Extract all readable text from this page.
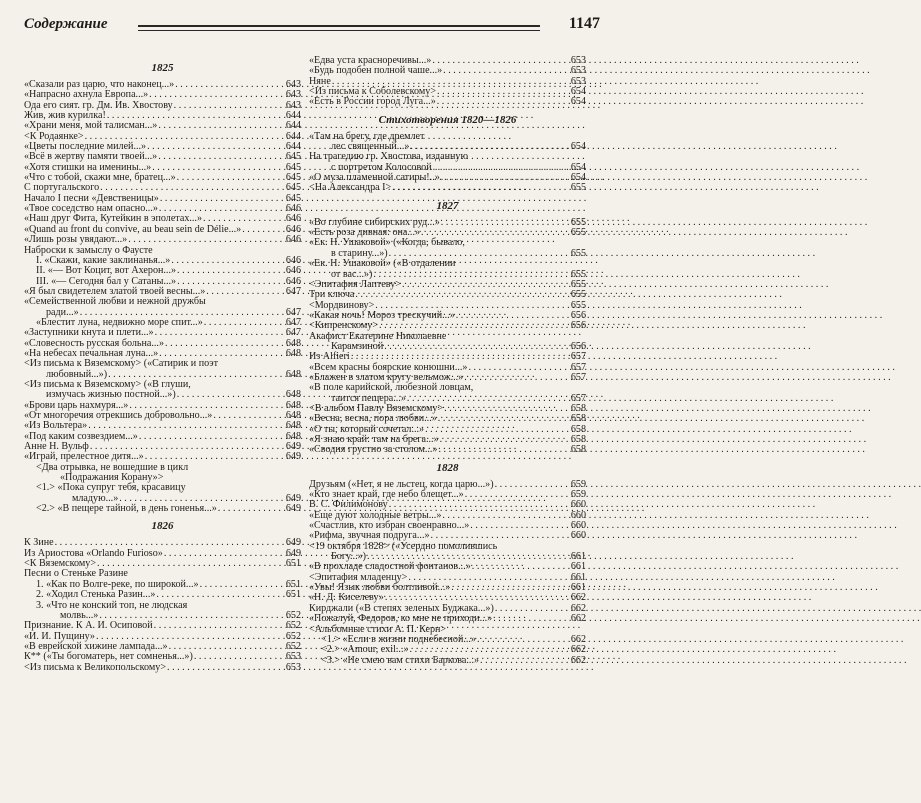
Содержание	1147
1825
«Сказали раз царю, что наконец...» . . .	643
«Напрасно ахнула Европа...» . . .	643
Ода его сият. гр. Дм. Ив. Хвостову . . .	643
Жив, жив курилка! . . .	644
«Храни меня, мой талисман...» . . .	644
<К Родаянке> . . .	644
«Цветы последние милей...» . . .	644
«Всё в жертву памяти твоей...» . . .	645
«Хотя стишки на именины...» . . .	645
«Что с тобой, скажи мне, братец...» . . .	645
С португальского . . .	645
Начало I песни «Девственицы» . . .	645
«Твое соседство нам опасно...» . . .	646
«Наш друг Фита, Кутейкин в эполетах...» . . .	646
«Quand au front du convive, au beau sein de Délie...» . . .	646
«Лишь розы увядают...» . . .	646
Наброски к замыслу о Фаусте
I. «Скажи, какие заклинанья...» . . .	646
II. «— Вот Коцит, вот Ахерон...» . . .	646
III. «— Сегодня бал у Сатаны...» . . .	646
«Я был свидетелем златой твоей весны...» . . .	647
«Семейственной любви и нежной дружбы
ради...» . . .	647
«Блестит луна, недвижно море спит...» . . .	647
«Заступники кнута и плети...» . . .	647
«Словесность русская больна...» . . .	648
«На небесах печальная луна...» . . .	648
<Из письма к Вяземскому> («Сатирик и поэт
любовный...») . . .	648
<Из письма к Вяземскому> («В глуши,
измучась жизнью постной...») . . .	648
«Брови царь нахмуря...» . . .	648
«От многоречия отрекшись добровольно...» . . .	648
«Из Вольтера» . . .	648
«Под каким созвездием...» . . .	648
Анне Н. Вульф . . .	649
«Играй, прелестное дитя...» . . .	649
<Два отрывка, не вошедшие в цикл
«Подражания Корану»>
<1.> «Пока супруг тебя, красавицу
младую...» . . .	649
<2.> «В пещере тайной, в день гоненья...» . . .	649
1826
К Зине . . .	649
Из Ариостова «Orlando Furioso» . . .	649
<К Вяземскому> . . .	651
Песни о Стеньке Разине
1. «Как по Волге-реке, по широкой...» . . .	651
2. «Ходил Стенька Разин...» . . .	651
3. «Что не конский топ, не людская
молвь...» . . .	652
Признание. К А. И. Осиповой . . .	652
«И. И. Пущину» . . .	652
«В еврейской хижине лампада...» . . .	652
К** («Ты богоматерь, нет сомненья...») . . .	653
<Из письма к Великопольскому> . . .	653
«Едва уста красноречивы...» . . .	653
«Будь подобен полной чаше...» . . .	653
Няне . . .	653
<Из письма к Соболевскому> . . .	654
«Есть в России город Луга...» . . .	654
Стихотворения 1820—1826
«Там на брегу, где дремлет
лес священный...» . . .	654
На трагедию гр. Хвостова, изданную
с портретом Колосовой . . .	654
«О муза пламенной сатиры!..» . . .	654
<На Александра I> . . .	655
1827
«Во глубине сибирских руд...» . . .	655
«Есть роза дивная: она...» . . .	655
«Ек. Н. Ушаковой» («Когда, бывало,
в старину...») . . .	655
«Ек. Н. Ушаковой» («В отдалении
от вас...») . . .	655
<Эпитафия Лаптеву> . . .	655
Три ключа . . .	655
<Мордвинову> . . .	655
«Какая ночь! Мороз трескучий...» . . .	656
<Кипренскому> . . .	656
Акафист Екатерине Николаевне
Карамзиной . . .	656
Из Alfieri . . .	657
«Всем красны боярские конюшни...» . . .	657
«Блажен в златом кругу вельмож...» . . .	657
«В поле карийской, любезной ловцам,
таится пещера...» . . .	657
<В альбом Павлу Вяземскому> . . .	658
«Весна, весна, пора любви...» . . .	658
«О ты, который сочетал...» . . .	658
«Я знаю край: там на брега...» . . .	658
«Сводня грустно за столом...» . . .	658
1828
Друзьям («Нет, я не льстец, когда царю...») . . .	659
«Кто знает край, где небо блещет...» . . .	659
В. С. Филимонову . . .	660
«Еще дуют холодные ветры...» . . .	660
«Счастлив, кто избран своенравно...» . . .	660
«Рифма, звучная подруга...» . . .	660
<19 октября 1828> («Усердно помолившись
Богу...») . . .	661
«В прохладе сладостной фонтанов...» . . .	661
<Эпитафия младенцу> . . .	661
«Увы! Язык любви болтливой...» . . .	661
«Н. Д. Киселеву» . . .	662
Кирджали («В степях зеленых Буджака...») . . .	662
«Пожалуй, Федоров, ко мне не приходи...» . . .	662
<Альбомные стихи А. П. Керн>
<1.> «Если в жизни поднебесной...» . . .	662
<2.> «Amour, exil...» . . .	662
<3.> «Не смею вам стихи Баркова...» . . .	662
